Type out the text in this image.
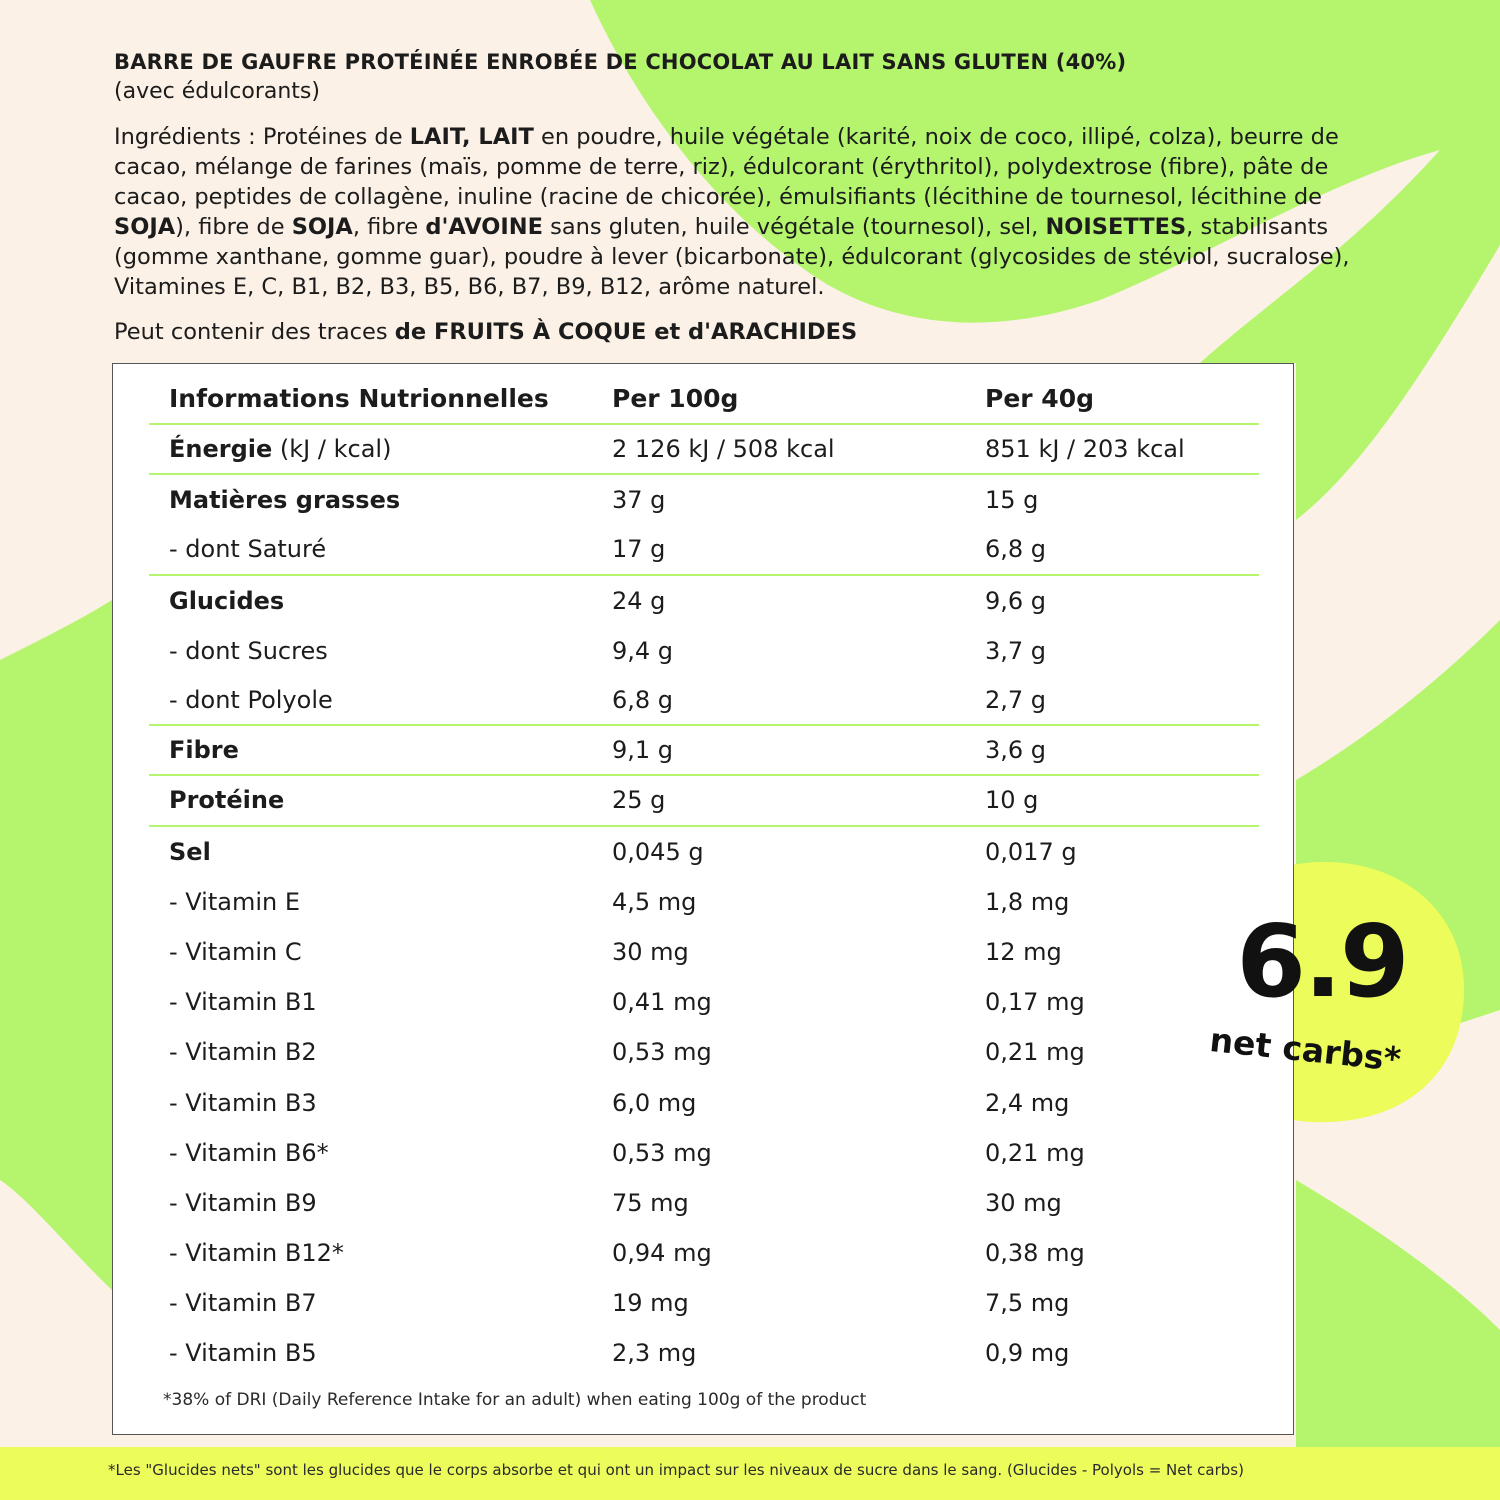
BARRE DE GAUFRE PROTÉINÉE ENROBÉE DE CHOCOLAT AU LAIT SANS GLUTEN (40%)
(avec édulcorants)

Ingrédients : Protéines de LAIT, LAIT en poudre, huile végétale (karité, noix de coco, illipé, colza), beurre de cacao, mélange de farines (maïs, pomme de terre, riz), édulcorant (érythritol), polydextrose (fibre), pâte de cacao, peptides de collagène, inuline (racine de chicorée), émulsifiants (lécithine de tournesol, lécithine de SOJA), fibre de SOJA, fibre d'AVOINE sans gluten, huile végétale (tournesol), sel, NOISETTES, stabilisants (gomme xanthane, gomme guar), poudre à lever (bicarbonate), édulcorant (glycosides de stéviol, sucralose), Vitamines E, C, B1, B2, B3, B5, B6, B7, B9, B12, arôme naturel.

Peut contenir des traces de FRUITS À COQUE et d'ARACHIDES
Informations Nutrionnelles	Per 100g	Per 40g
Énergie (kJ / kcal)	2 126 kJ / 508 kcal	851 kJ / 203 kcal
Matières grasses	37 g	15 g
- dont Saturé	17 g	6,8 g
Glucides	24 g	9,6 g
- dont Sucres	9,4 g	3,7 g
- dont Polyole	6,8 g	2,7 g
Fibre	9,1 g	3,6 g
Protéine	25 g	10 g
Sel	0,045 g	0,017 g
- Vitamin E	4,5 mg	1,8 mg
- Vitamin C	30 mg	12 mg
- Vitamin B1	0,41 mg	0,17 mg
- Vitamin B2	0,53 mg	0,21 mg
- Vitamin B3	6,0 mg	2,4 mg
- Vitamin B6*	0,53 mg	0,21 mg
- Vitamin B9	75 mg	30 mg
- Vitamin B12*	0,94 mg	0,38 mg
- Vitamin B7	19 mg	7,5 mg
- Vitamin B5	2,3 mg	0,9 mg
*38% of DRI (Daily Reference Intake for an adult) when eating 100g of the product
6.9
net carbs*
*Les "Glucides nets" sont les glucides que le corps absorbe et qui ont un impact sur les niveaux de sucre dans le sang. (Glucides - Polyols = Net carbs)
